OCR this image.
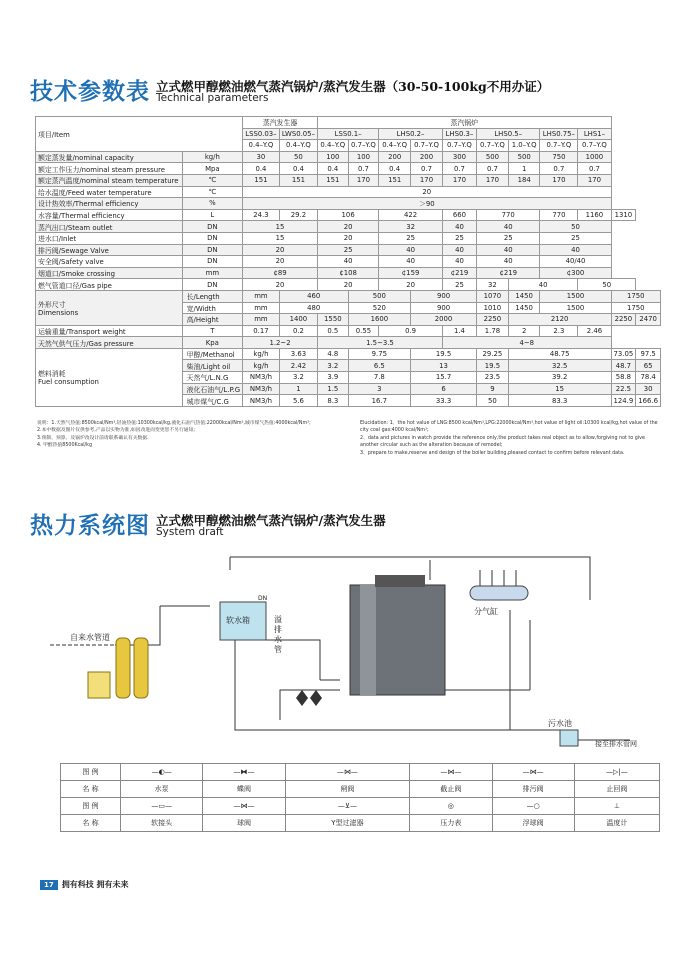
技术参数表 立式燃甲醇燃油燃气蒸汽锅炉/蒸汽发生器（30-50-100kg不用办证）
Technical parameters
项目/Item		蒸汽发生器		蒸汽锅炉										
		LSS0.03–	LWS0.05–	LSS0.1–		LHS0.2–		LHS0.3–	LHS0.5–		LHS0.75–	LHS1–		
		0.4–Y.Q	0.4–Y.Q	0.4–Y.Q	0.7–Y.Q	0.4–Y.Q	0.7–Y.Q	0.7–Y.Q	0.7–Y.Q	1.0–Y.Q	0.7–Y.Q	0.7–Y.Q		
额定蒸发量/nominal capacity	kg/h	30	50	100	100	200	200	300	500	500	750	1000		
额定工作压力/nominal steam pressure	Mpa	0.4	0.4	0.4	0.7	0.4	0.7	0.7	0.7	1	0.7	0.7		
额定蒸汽温度/nominal steam temperature	℃	151	151	151	170	151	170	170	170	184	170	170		
给水温度/Feed water temperature	℃	20												
设计热效率/Thermal efficiency	%	＞90												
水容量/Thermal efficiency	L	24.3	29.2	106		422		660	770		770	1160	1310	
蒸汽出口/Steam outlet	DN	15		20		32		40	40		50			
进水口/Inlet	DN	15		20		25		25	25		25			
排污阀/Sewage Valve	DN	20		25		40		40	40		40			
安全阀/Safety valve	DN	20		40		40		40	40		40/40			
烟道口/Smoke crossing	mm	¢89		¢108		¢159		¢219	¢219		¢300			
燃气管道口径/Gas pipe	DN	20		20		20		25	32	40		50		
外形尺寸
Dimensions	长/Length	mm	460		500		900		1070	1450	1500		1750	
	宽/Width	mm	480		520		900		1010	1450	1500		1750	
	高/Height	mm	1400	1550	1600		2000		2250	2120			2250	2470
运输重量/Transport weight	T	0.17	0.2	0.5	0.55	0.9		1.4	1.78	2	2.3	2.46		
天然气供气压力/Gas pressure	Kpa	1.2~2		1.5~3.5				4~8						
燃料消耗
Fuel consumption	甲醇/Methanol	kg/h	3.63	4.8	9.75		19.5		29.25	48.75			73.05	97.5
	柴油/Light oil	kg/h	2.42	3.2	6.5		13		19.5	32.5			48.7	65
	天然气/L.N.G	NM3/h	3.2	3.9	7.8		15.7		23.5	39.2			58.8	78.4
	液化石油气/L.P.G	NM3/h	1	1.5	3		6		9	15			22.5	30
	城市煤气/C.G	NM3/h	5.6	8.3	16.7		33.3		50	83.3			124.9	166.6
说明：1.天然气热值:8500kcal/Nm³,轻油热值:10300kcal/kg,液化石油气热值:22000kcal/Nm³,城市煤气热值:4000kcal/Nm³;
2.本中数据及图片仅供参考,产品以实物为准,如因改进而变更恕不另行通知;
3.预制、预算、及锅炉改设计前请联系确认有关数据.
4. 甲醇热值8500Kcal/kg
Elucidation: 1、the hot value of LNG:8500 kcal/Nm³,LPG:22000kcal/Nm³,hot value of light oil:10300 kcal/kg,hot value of the city coal gas:4000 kcal/Nm³;
2、data and pictures in watch provide the reference only,the product takes real object as to allow,forgiving not to give another circular such as the alteration because of remodel;
3、prepare to make,reserve and design of the boiler building,pleased contact to confirm before relevant data.
热力系统图 立式燃甲醇燃油燃气蒸汽锅炉/蒸汽发生器
System draft
自来水管道
软水箱
DN
分气缸
污水池
接至排水管网
溢
排
水
管
图 例	—◐—	—⧓—	—⋈—	—⋈—	—⋈—	—▷|—
名 称	水泵	蝶阀	闸阀	截止阀	排污阀	止回阀
图 例	—▭—	—⋈—	—⊻—	◎	—○	⊥
名 称	软接头	球阀	Y型过滤器	压力表	浮球阀	温度计
17	拥有科技 拥有未来
